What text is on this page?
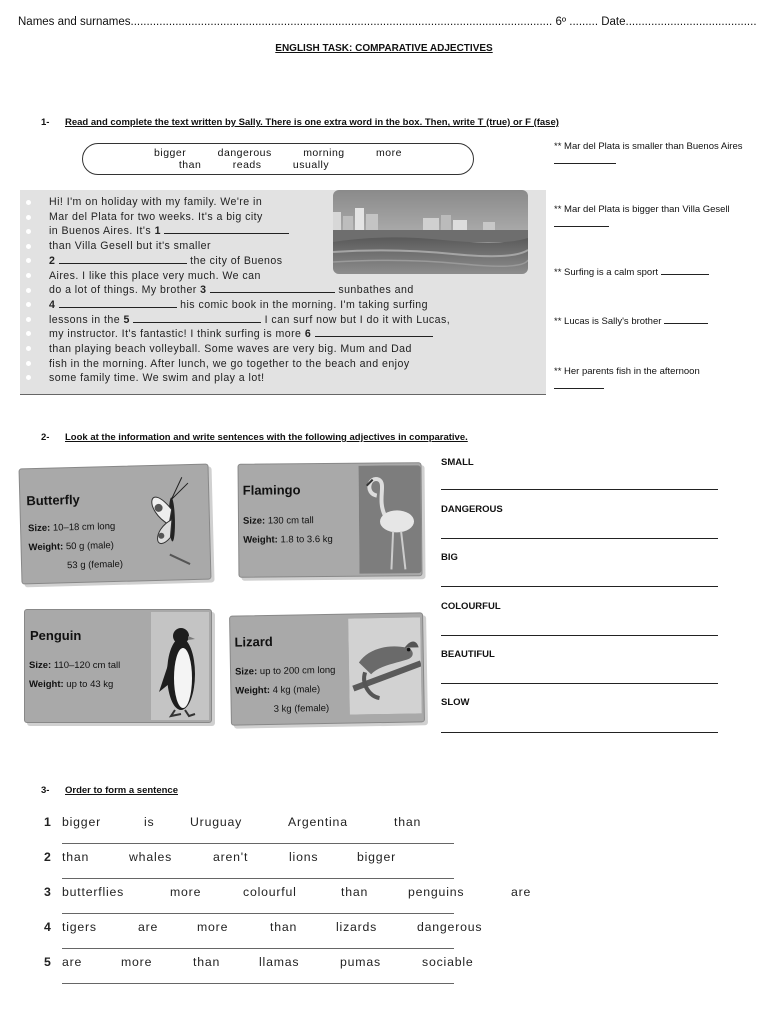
Names and surnames.................................................................................................................................... 6º ......... Date.........................................
ENGLISH TASK: COMPARATIVE ADJECTIVES
1- Read and complete the text written by Sally. There is one extra word in the box. Then, write T (true) or F (fase)
bigger	dangerous	morning	more
than	reads	usually
Hi! I'm on holiday with my family. We're in
Mar del Plata for two weeks. It's a big city
in Buenos Aires. It's 1
than Villa Gesell but it's smaller
2	the city of Buenos
Aires. I like this place very much. We can
do a lot of things. My brother 3	sunbathes and
4	his comic book in the morning. I'm taking surfing
lessons in the 5	I can surf now but I do it with Lucas,
my instructor. It's fantastic! I think surfing is more 6
than playing beach volleyball. Some waves are very big. Mum and Dad
fish in the morning. After lunch, we go together to the beach and enjoy
some family time. We swim and play a lot!
** Mar del Plata is smaller than Buenos Aires
** Mar del Plata is bigger than Villa Gesell
** Surfing is a calm sport
** Lucas is Sally's brother
** Her parents fish in the afternoon
2- Look at the information and write sentences with the following adjectives in comparative.
Butterfly
Size: 10–18 cm long
Weight: 50 g (male)
53 g (female)
Flamingo
Size: 130 cm tall
Weight: 1.8 to 3.6 kg
Penguin
Size: 110–120 cm tall
Weight: up to 43 kg
Lizard
Size: up to 200 cm long
Weight: 4 kg (male)
3 kg (female)
SMALL
DANGEROUS
BIG
COLOURFUL
BEAUTIFUL
SLOW
3- Order to form a sentence
1 bigger	is	Uruguay	Argentina	than
2 than	whales	aren't	lions	bigger
3 butterflies	more	colourful	than	penguins	are
4 tigers	are	more	than	lizards	dangerous
5 are	more	than	llamas	pumas	sociable
